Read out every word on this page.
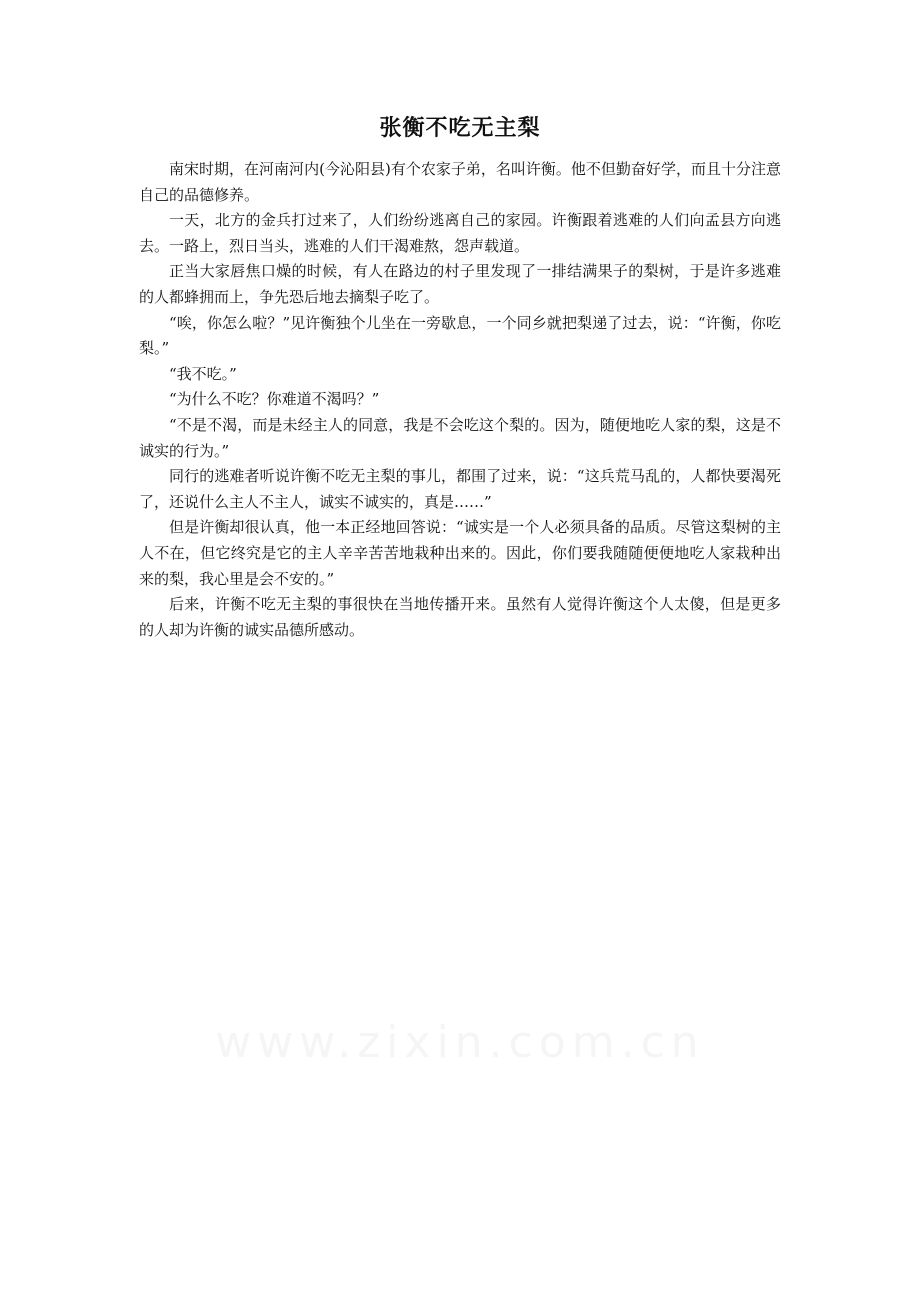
张衡不吃无主梨

南宋时期，在河南河内(今沁阳县)有个农家子弟，名叫许衡。他不但勤奋好学，而且十分注意自己的品德修养。

一天，北方的金兵打过来了，人们纷纷逃离自己的家园。许衡跟着逃难的人们向孟县方向逃去。一路上，烈日当头，逃难的人们干渴难熬，怨声载道。

正当大家唇焦口燥的时候，有人在路边的村子里发现了一排结满果子的梨树，于是许多逃难的人都蜂拥而上，争先恐后地去摘梨子吃了。

“唉，你怎么啦？”见许衡独个儿坐在一旁歇息，一个同乡就把梨递了过去，说：“许衡，你吃梨。”

“我不吃。”

“为什么不吃？你难道不渴吗？”

“不是不渴，而是未经主人的同意，我是不会吃这个梨的。因为，随便地吃人家的梨，这是不诚实的行为。”

同行的逃难者听说许衡不吃无主梨的事儿，都围了过来，说：“这兵荒马乱的，人都快要渴死了，还说什么主人不主人，诚实不诚实的，真是……”

但是许衡却很认真，他一本正经地回答说：“诚实是一个人必须具备的品质。尽管这梨树的主人不在，但它终究是它的主人辛辛苦苦地栽种出来的。因此，你们要我随随便便地吃人家栽种出来的梨，我心里是会不安的。”

后来，许衡不吃无主梨的事很快在当地传播开来。虽然有人觉得许衡这个人太傻，但是更多的人却为许衡的诚实品德所感动。

www.zixin.com.cn
